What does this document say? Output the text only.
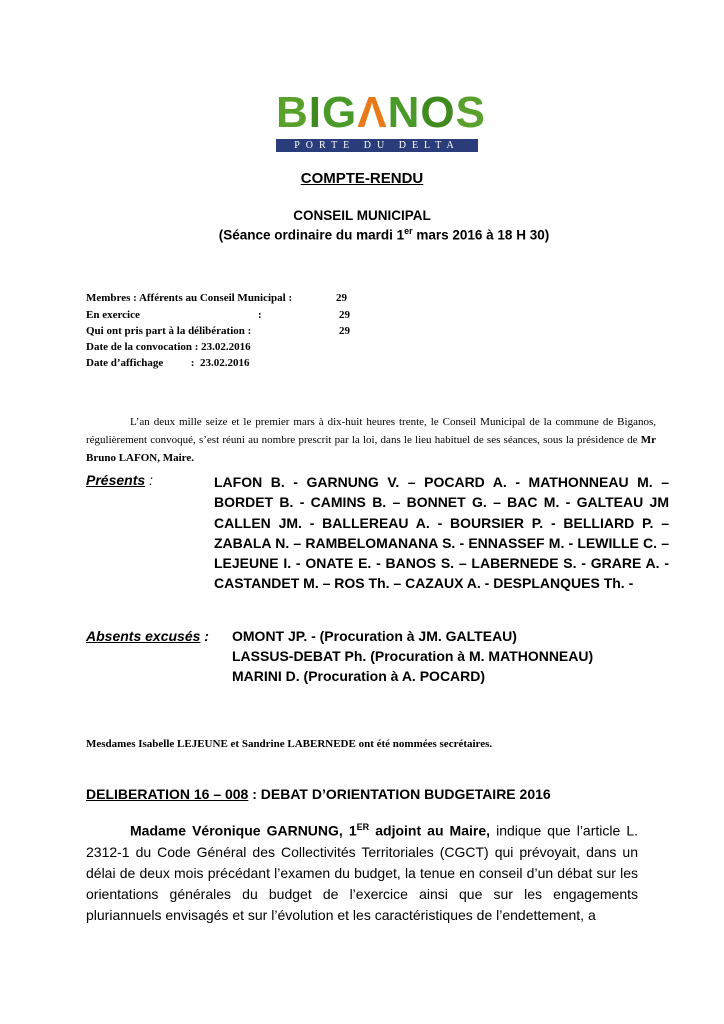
BIGΛNOS
PORTE DU DELTA
COMPTE-RENDU
CONSEIL MUNICIPAL
(Séance ordinaire du mardi 1er mars 2016 à 18 H 30)
Membres : Afférents au Conseil Municipal :	29
En exercice	:	29
Qui ont pris part à la délibération :	29
Date de la convocation : 23.02.2016
Date d’affichage          :  23.02.2016
L’an deux mille seize et le premier mars à dix-huit heures trente, le Conseil Municipal de la commune de Biganos, régulièrement convoqué, s’est réuni au nombre prescrit par la loi, dans le lieu habituel de ses séances, sous la présidence de Mr Bruno LAFON, Maire.
Présents :	LAFON B. - GARNUNG V. – POCARD A. - MATHONNEAU M. – BORDET B. - CAMINS B. – BONNET G. – BAC M. - GALTEAU JM CALLEN JM. - BALLEREAU A. - BOURSIER P. - BELLIARD P. – ZABALA N. – RAMBELOMANANA S. - ENNASSEF M. - LEWILLE C. – LEJEUNE I. - ONATE E. - BANOS S. – LABERNEDE S. - GRARE A. - CASTANDET M. – ROS Th. – CAZAUX A. - DESPLANQUES Th. -
Absents excusés : OMONT JP. - (Procuration à JM. GALTEAU)
LASSUS-DEBAT Ph. (Procuration à M. MATHONNEAU)
MARINI D. (Procuration à A. POCARD)
Mesdames Isabelle LEJEUNE et Sandrine LABERNEDE ont été nommées secrétaires.
DELIBERATION 16 – 008 : DEBAT D’ORIENTATION BUDGETAIRE 2016
Madame Véronique GARNUNG, 1ER adjoint au Maire, indique que l’article L. 2312-1 du Code Général des Collectivités Territoriales (CGCT) qui prévoyait, dans un délai de deux mois précédant l’examen du budget, la tenue en conseil d’un débat sur les orientations générales du budget de l’exercice ainsi que sur les engagements pluriannuels envisagés et sur l’évolution et les caractéristiques de l’endettement, a
